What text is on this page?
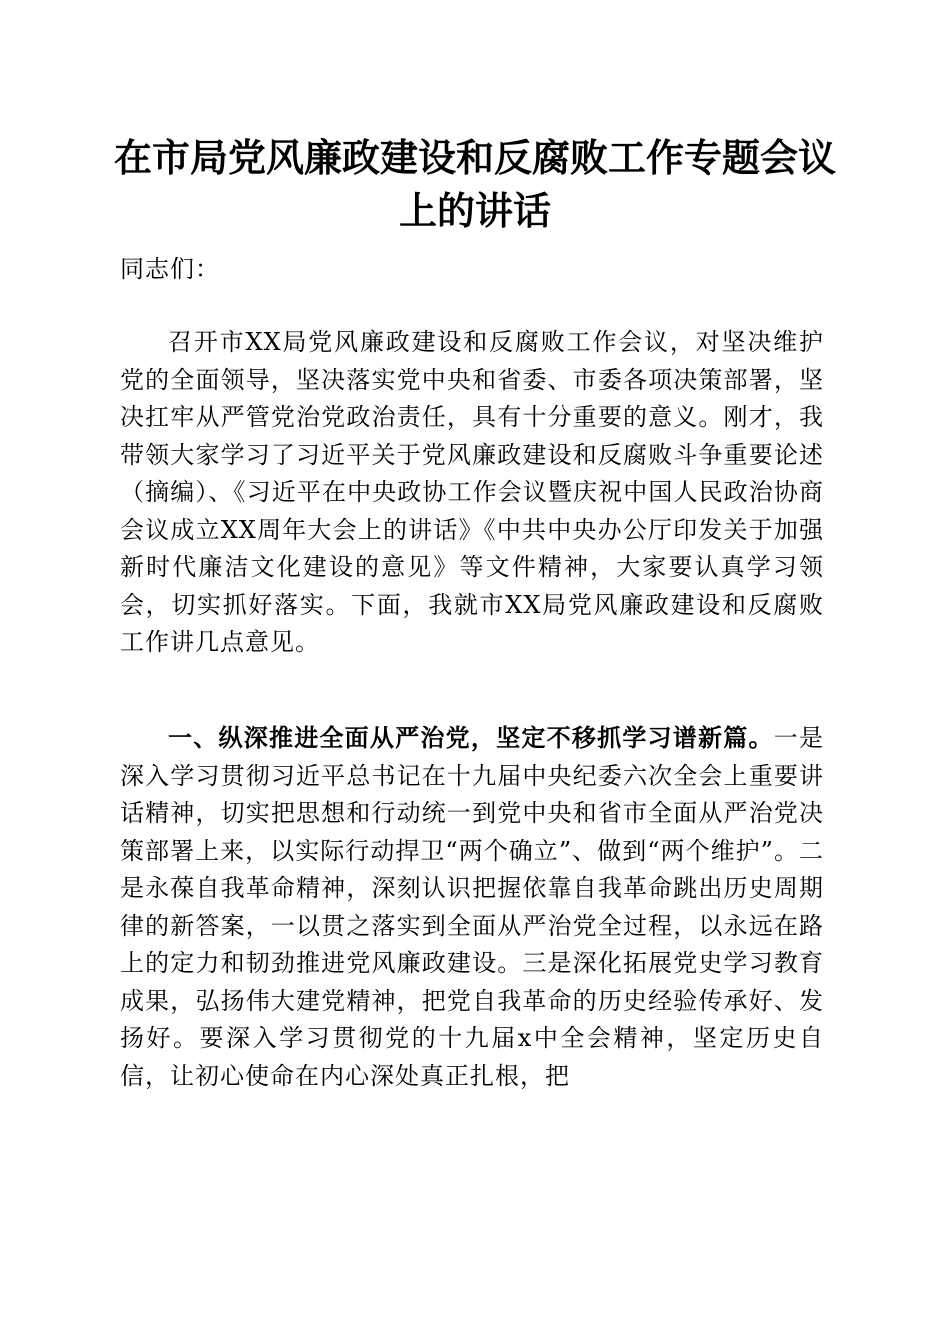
在市局党风廉政建设和反腐败工作专题会议上的讲话

同志们：

召开市XX局党风廉政建设和反腐败工作会议，对坚决维护党的全面领导，坚决落实党中央和省委、市委各项决策部署，坚决扛牢从严管党治党政治责任，具有十分重要的意义。刚才，我带领大家学习了习近平关于党风廉政建设和反腐败斗争重要论述（摘编）、《习近平在中央政协工作会议暨庆祝中国人民政治协商会议成立XX周年大会上的讲话》《中共中央办公厅印发关于加强新时代廉洁文化建设的意见》等文件精神，大家要认真学习领会，切实抓好落实。下面，我就市XX局党风廉政建设和反腐败工作讲几点意见。

一、纵深推进全面从严治党，坚定不移抓学习谱新篇。一是深入学习贯彻习近平总书记在十九届中央纪委六次全会上重要讲话精神，切实把思想和行动统一到党中央和省市全面从严治党决策部署上来，以实际行动捍卫“两个确立”、做到“两个维护”。二是永葆自我革命精神，深刻认识把握依靠自我革命跳出历史周期律的新答案，一以贯之落实到全面从严治党全过程，以永远在路上的定力和韧劲推进党风廉政建设。三是深化拓展党史学习教育成果，弘扬伟大建党精神，把党自我革命的历史经验传承好、发扬好。要深入学习贯彻党的十九届x中全会精神，坚定历史自信，让初心使命在内心深处真正扎根，把
